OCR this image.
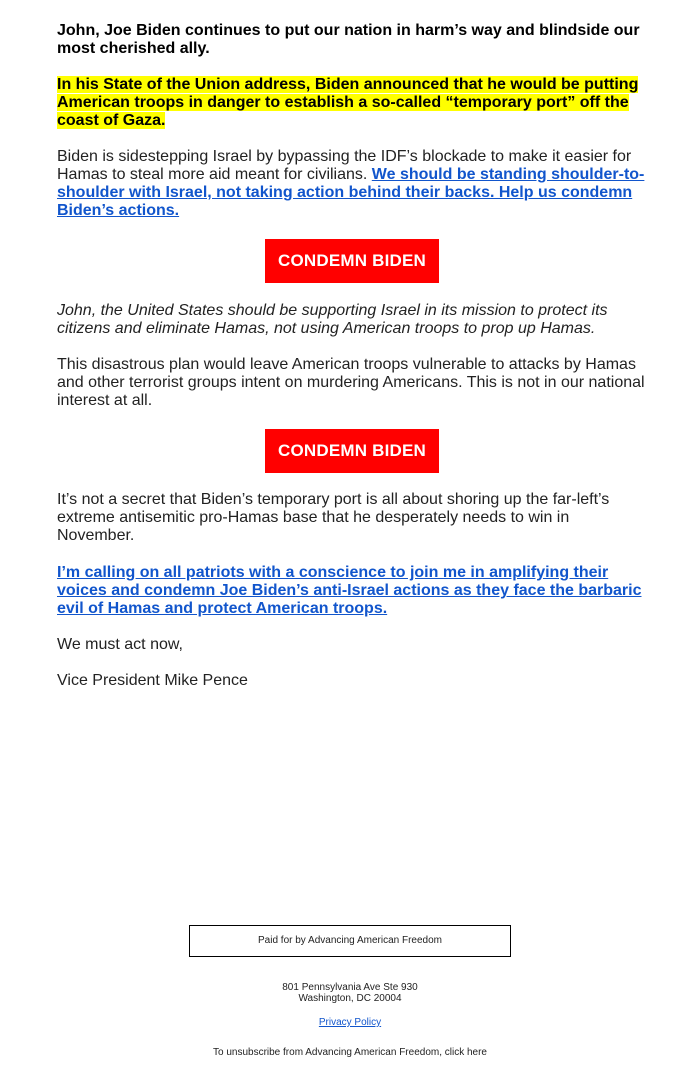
John, Joe Biden continues to put our nation in harm’s way and blindside our most cherished ally.

In his State of the Union address, Biden announced that he would be putting American troops in danger to establish a so-called “temporary port” off the coast of Gaza.

Biden is sidestepping Israel by bypassing the IDF’s blockade to make it easier for Hamas to steal more aid meant for civilians. We should be standing shoulder-to-shoulder with Israel, not taking action behind their backs. Help us condemn Biden’s actions.

CONDEMN BIDEN

John, the United States should be supporting Israel in its mission to protect its citizens and eliminate Hamas, not using American troops to prop up Hamas.

This disastrous plan would leave American troops vulnerable to attacks by Hamas and other terrorist groups intent on murdering Americans. This is not in our national interest at all.

CONDEMN BIDEN

It’s not a secret that Biden’s temporary port is all about shoring up the far-left’s extreme antisemitic pro-Hamas base that he desperately needs to win in November.

I’m calling on all patriots with a conscience to join me in amplifying their voices and condemn Joe Biden’s anti-Israel actions as they face the barbaric evil of Hamas and protect American troops.

We must act now,

Vice President Mike Pence

Paid for by Advancing American Freedom
801 Pennsylvania Ave Ste 930
Washington, DC 20004
Privacy Policy
To unsubscribe from Advancing American Freedom, click here
